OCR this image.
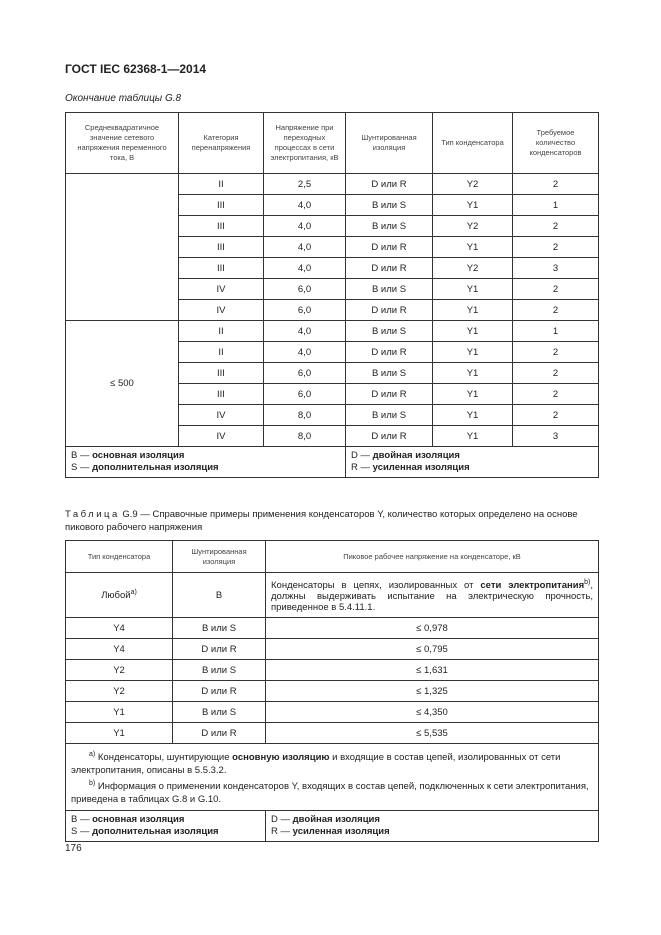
ГОСТ IEC 62368-1—2014
Окончание таблицы G.8
Среднеквадратичное значение сетевого напряжения переменного тока, В	Категория перенапряжения	Напряжение при переходных процессах в сети электропитания, кВ	Шунтированная изоляция	Тип конденсатора	Требуемое количество конденсаторов
	II	2,5	D или R	Y2	2
	III	4,0	B или S	Y1	1
	III	4,0	B или S	Y2	2
	III	4,0	D или R	Y1	2
	III	4,0	D или R	Y2	3
	IV	6,0	B или S	Y1	2
	IV	6,0	D или R	Y1	2
≤ 500	II	4,0	B или S	Y1	1
	II	4,0	D или R	Y1	2
	III	6,0	B или S	Y1	2
	III	6,0	D или R	Y1	2
	IV	8,0	B или S	Y1	2
	IV	8,0	D или R	Y1	3
B — основная изоляция
S — дополнительная изоляция			D — двойная изоляция
R — усиленная изоляция		
Таблица G.9 — Справочные примеры применения конденсаторов Y, количество которых определено на основе пикового рабочего напряжения
Тип конденсатора	Шунтированная изоляция	Пиковое рабочее напряжение на конденсаторе, кВ
Любой$^{a)}$	B	Конденсаторы в цепях, изолированных от сети электропитания$^{b)}$, должны выдерживать испытание на электрическую прочность, приведенное в 5.4.11.1.
Y4	B или S	≤ 0,978
Y4	D или R	≤ 0,795
Y2	B или S	≤ 1,631
Y2	D или R	≤ 1,325
Y1	B или S	≤ 4,350
Y1	D или R	≤ 5,535

$^{a)}$ Конденсаторы, шунтирующие основную изоляцию и входящие в состав цепей, изолированных от сети электропитания, описаны в 5.5.3.2.
$^{b)}$ Информация о применении конденсаторов Y, входящих в состав цепей, подключенных к сети электропитания, приведена в таблицах G.8 и G.10.		

B — основная изоляция
S — дополнительная изоляция		D — двойная изоляция
R — усиленная изоляция
176
